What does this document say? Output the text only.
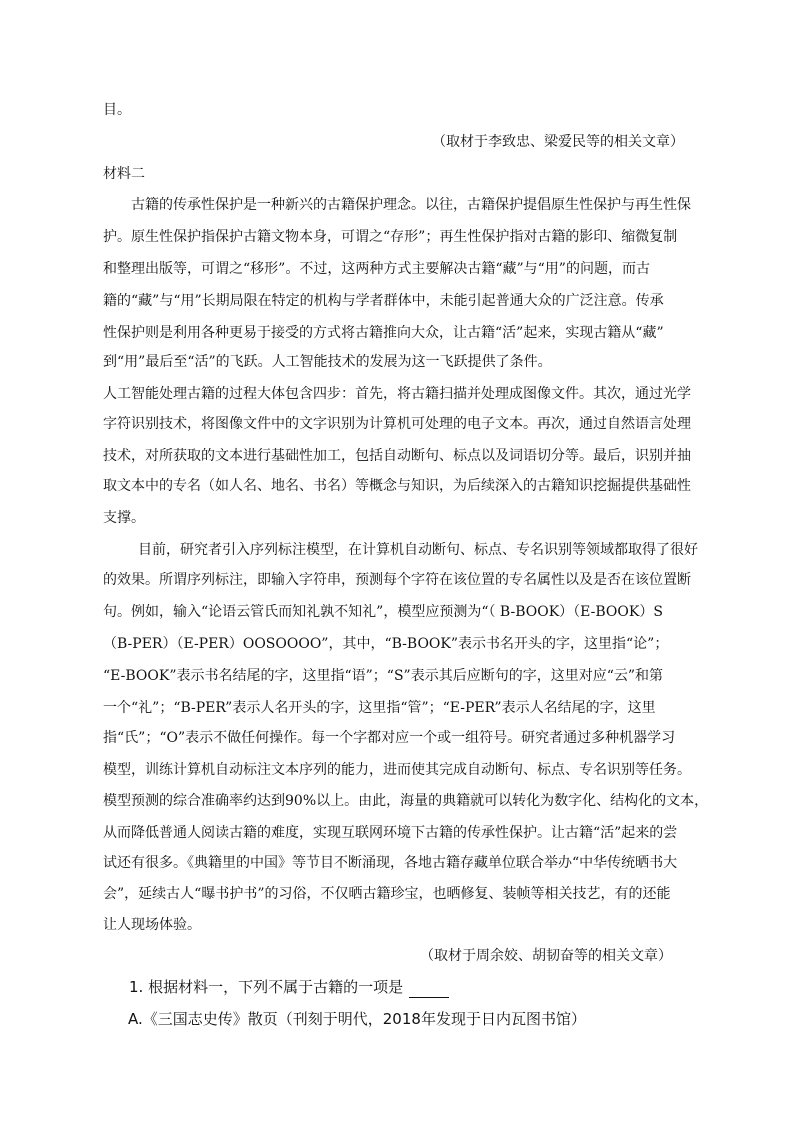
目。
（取材于李致忠、梁爱民等的相关文章）
材料二
古籍的传承性保护是一种新兴的古籍保护理念。以往，古籍保护提倡原生性保护与再生性保
护。原生性保护指保护古籍文物本身，可谓之“存形”；再生性保护指对古籍的影印、缩微复制
和整理出版等，可谓之“移形”。不过，这两种方式主要解决古籍“藏”与“用”的问题，而古
籍的“藏”与“用”长期局限在特定的机构与学者群体中，未能引起普通大众的广泛注意。传承
性保护则是利用各种更易于接受的方式将古籍推向大众，让古籍“活”起来，实现古籍从“藏”
到“用”最后至“活”的飞跃。人工智能技术的发展为这一飞跃提供了条件。
人工智能处理古籍的过程大体包含四步：首先，将古籍扫描并处理成图像文件。其次，通过光学
字符识别技术，将图像文件中的文字识别为计算机可处理的电子文本。再次，通过自然语言处理
技术，对所获取的文本进行基础性加工，包括自动断句、标点以及词语切分等。最后，识别并抽
取文本中的专名（如人名、地名、书名）等概念与知识，为后续深入的古籍知识挖掘提供基础性
支撑。
目前，研究者引入序列标注模型，在计算机自动断句、标点、专名识别等领域都取得了很好
的效果。所谓序列标注，即输入字符串，预测每个字符在该位置的专名属性以及是否在该位置断
句。例如，输入“论语云管氏而知礼孰不知礼”，模型应预测为“（ B-BOOK）（E-BOOK）S
（B-PER）（E-PER）OOSOOOO”，其中，“B-BOOK”表示书名开头的字，这里指“论”；
“E-BOOK”表示书名结尾的字，这里指“语”；“S”表示其后应断句的字，这里对应“云”和第
一个“礼”；“B-PER”表示人名开头的字，这里指“管”；“E-PER”表示人名结尾的字，这里
指“氏”；“O”表示不做任何操作。每一个字都对应一个或一组符号。研究者通过多种机器学习
模型，训练计算机自动标注文本序列的能力，进而使其完成自动断句、标点、专名识别等任务。
模型预测的综合准确率约达到90%以上。由此，海量的典籍就可以转化为数字化、结构化的文本，
从而降低普通人阅读古籍的难度，实现互联网环境下古籍的传承性保护。让古籍“活”起来的尝
试还有很多。《典籍里的中国》等节目不断涌现，各地古籍存藏单位联合举办“中华传统晒书大
会”，延续古人“曝书护书”的习俗，不仅晒古籍珍宝，也晒修复、装帧等相关技艺，有的还能
让人现场体验。
（取材于周余姣、胡韧奋等的相关文章）
1. 根据材料一，下列不属于古籍的一项是
A.《三国志史传》散页（刊刻于明代，2018年发现于日内瓦图书馆）
